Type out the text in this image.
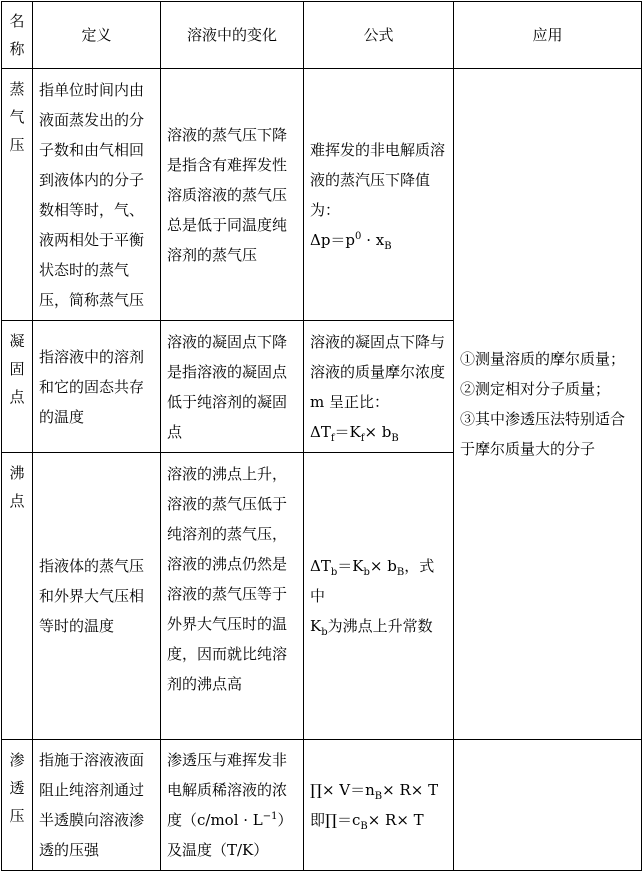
名
称	定义	溶液中的变化	公式	应用

蒸
气
压	指单位时间内由液面蒸发出的分子数和由气相回到液体内的分子数相等时，气、液两相处于平衡状态时的蒸气压，简称蒸气压	溶液的蒸气压下降是指含有难挥发性溶质溶液的蒸气压总是低于同温度纯溶剂的蒸气压	难挥发的非电解质溶液的蒸汽压下降值为：
$\Delta p=p^0 \cdot x_B$	①测量溶质的摩尔质量；
②测定相对分子质量；
③其中渗透压法特别适合于摩尔质量大的分子

凝
固
点	指溶液中的溶剂和它的固态共存的温度	溶液的凝固点下降是指溶液的凝固点低于纯溶剂的凝固点	溶液的凝固点下降与溶液的质量摩尔浓度 m 呈正比：
$\Delta T_f=K_f\times b_B$

沸
点	指液体的蒸气压和外界大气压相等时的温度	溶液的沸点上升，溶液的蒸气压低于纯溶剂的蒸气压，溶液的沸点仍然是溶液的蒸气压等于外界大气压时的温度，因而就比纯溶剂的沸点高	$\Delta T_b=K_b\times b_B$，式中
$K_b$为沸点上升常数	

渗
透
压	指施于溶液液面阻止纯溶剂通过半透膜向溶液渗透的压强	渗透压与难挥发非电解质稀溶液的浓度$(c/mol \cdot L^{-1})$及温度（T/K）	∏× $V=n_B\times R\times T$
即$\prod=c_B\times R\times T$	
